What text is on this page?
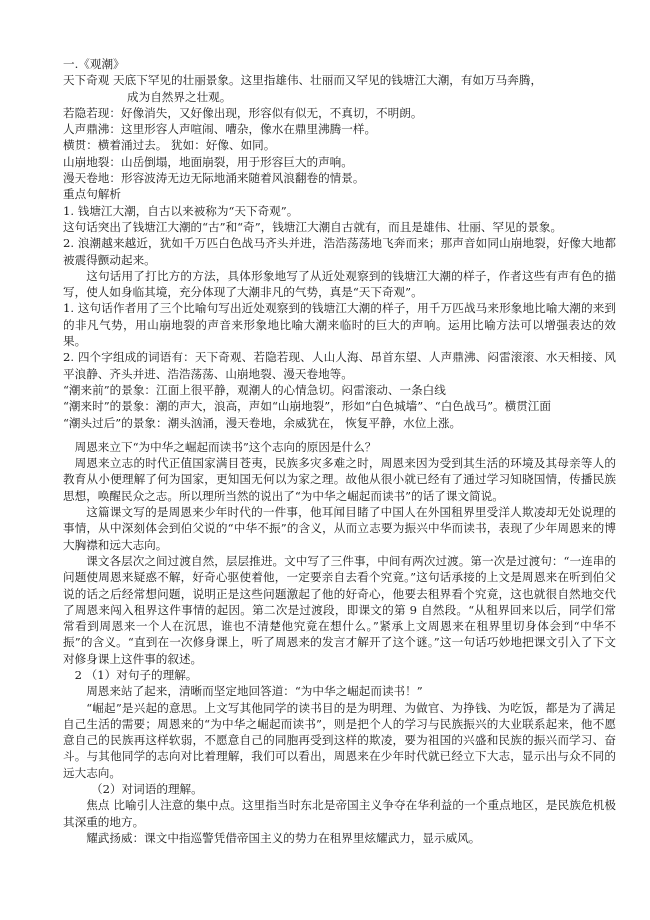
一.《观潮》

天下奇观 天底下罕见的壮丽景象。这里指雄伟、壮丽而又罕见的钱塘江大潮，有如万马奔腾，

成为自然界之壮观。

若隐若现：好像消失，又好像出现，形容似有似无，不真切，不明朗。

人声鼎沸：这里形容人声喧闹、嘈杂，像水在鼎里沸腾一样。

横贯：横着涌过去。 犹如：好像、如同。

山崩地裂：山岳倒塌，地面崩裂，用于形容巨大的声响。

漫天卷地：形容波涛无边无际地涌来随着风浪翻卷的情景。

重点句解析

1. 钱塘江大潮，自古以来被称为“天下奇观”。

这句话突出了钱塘江大潮的“古”和“奇”，钱塘江大潮自古就有，而且是雄伟、壮丽、罕见的景象。

2. 浪潮越来越近，犹如千万匹白色战马齐头并进，浩浩荡荡地飞奔而来；那声音如同山崩地裂，好像大地都被震得颤动起来。

这句话用了打比方的方法，具体形象地写了从近处观察到的钱塘江大潮的样子，作者这些有声有色的描写，使人如身临其境，充分体现了大潮非凡的气势，真是“天下奇观”。

1. 这句话作者用了三个比喻句写出近处观察到的钱塘江大潮的样子，用千万匹战马来形象地比喻大潮的来到的非凡气势，用山崩地裂的声音来形象地比喻大潮来临时的巨大的声响。运用比喻方法可以增强表达的效果。

2. 四个字组成的词语有：天下奇观、若隐若现、人山人海、昂首东望、人声鼎沸、闷雷滚滚、水天相接、风平浪静、齐头并进、浩浩荡荡、山崩地裂、漫天卷地等。

“潮来前”的景象：江面上很平静，观潮人的心情急切。闷雷滚动、一条白线

“潮来时”的景象：潮的声大，浪高，声如“山崩地裂”，形如“白色城墙”、“白色战马”。横贯江面

“潮头过后”的景象：潮头汹涌，漫天卷地，余威犹在， 恢复平静，水位上涨。

周恩来立下“为中华之崛起而读书”这个志向的原因是什么？

周恩来立志的时代正值国家满目苍夷，民族多灾多难之时，周恩来因为受到其生活的环境及其母亲等人的教育从小便理解了何为国家，更知国无何以为家之理。故他从很小就已经有了通过学习知晓国情，传播民族思想，唤醒民众之志。所以理所当然的说出了“为中华之崛起而读书”的话了课文简说。

这篇课文写的是周恩来少年时代的一件事，他耳闻目睹了中国人在外国租界里受洋人欺凌却无处说理的事情，从中深刻体会到伯父说的“中华不振”的含义，从而立志要为振兴中华而读书，表现了少年周恩来的博大胸襟和远大志向。

课文各层次之间过渡自然，层层推进。文中写了三件事，中间有两次过渡。第一次是过渡句：“一连串的问题使周恩来疑惑不解，好奇心驱使着他，一定要亲自去看个究竟。”这句话承接的上文是周恩来在听到伯父说的话之后经常想问题，说明正是这些问题激起了他的好奇心，他要去租界看个究竟，这也就很自然地交代了周恩来闯入租界这件事情的起因。第二次是过渡段，即课文的第 9 自然段。“从租界回来以后，同学们常常看到周恩来一个人在沉思，谁也不清楚他究竟在想什么。”紧承上文周恩来在租界里切身体会到“中华不振”的含义。“直到在一次修身课上，听了周恩来的发言才解开了这个谜。”这一句话巧妙地把课文引入了下文对修身课上这件事的叙述。

2 （1）对句子的理解。

周恩来站了起来，清晰而坚定地回答道：“为中华之崛起而读书！”

“崛起”是兴起的意思。上文写其他同学的读书目的是为明理、为做官、为挣钱、为吃饭，都是为了满足自己生活的需要；周恩来的“为中华之崛起而读书”，则是把个人的学习与民族振兴的大业联系起来，他不愿意自己的民族再这样软弱，不愿意自己的同胞再受到这样的欺凌，要为祖国的兴盛和民族的振兴而学习、奋斗。与其他同学的志向对比着理解，我们可以看出，周恩来在少年时代就已经立下大志，显示出与众不同的远大志向。

（2）对词语的理解。

焦点 比喻引人注意的集中点。这里指当时东北是帝国主义争夺在华利益的一个重点地区，是民族危机极其深重的地方。

耀武扬威：课文中指巡警凭借帝国主义的势力在租界里炫耀武力，显示威风。
